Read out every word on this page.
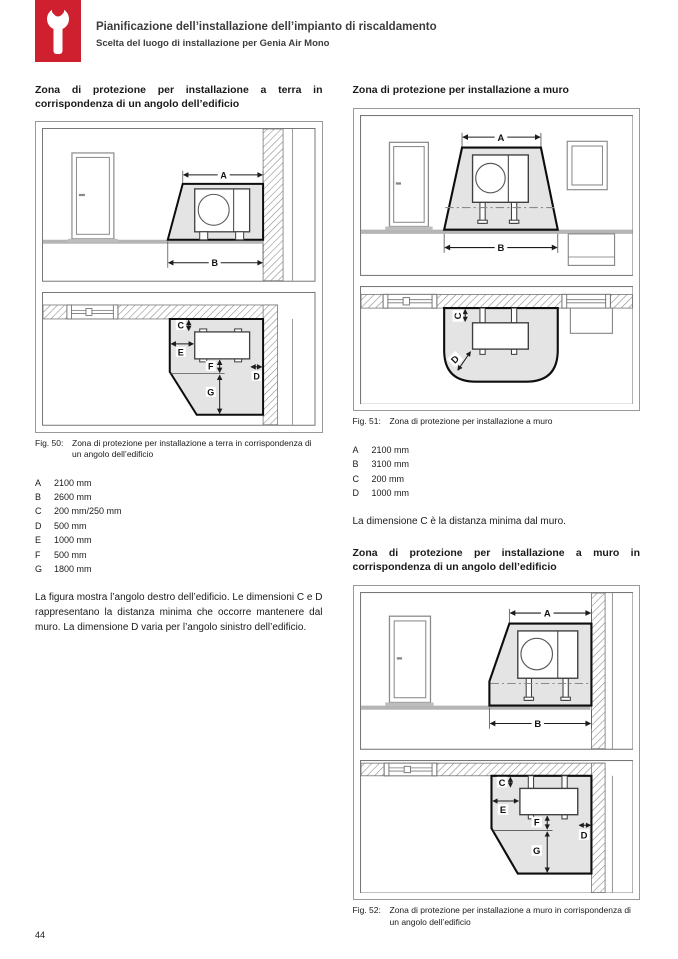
Pianificazione dell’installazione dell’impianto di riscaldamento
Scelta del luogo di installazione per Genia Air Mono
Zona di protezione per installazione a terra in corrispondenza di un angolo dell’edificio
A
B
C
E
F
D
G
Fig. 50:	Zona di protezione per installazione a terra in corrispondenza di un angolo dell’edificio
A	2100 mm
B	2600 mm
C	200 mm/250 mm
D	500 mm
E	1000 mm
F	500 mm
G	1800 mm

La figura mostra l’angolo destro dell’edificio. Le dimensioni C e D rappresentano la distanza minima che occorre mantenere dal muro. La dimensione D varia per l’angolo sinistro dell’edificio.

Zona di protezione per installazione a muro
A
B
C
D
Fig. 51:	Zona di protezione per installazione a muro
A	2100 mm
B	3100 mm
C	200 mm
D	1000 mm

La dimensione C è la distanza minima dal muro.

Zona di protezione per installazione a muro in corrispondenza di un angolo dell’edificio
A
B
C
E
F
D
G
Fig. 52:	Zona di protezione per installazione a muro in corrispondenza di un angolo dell’edificio
44
